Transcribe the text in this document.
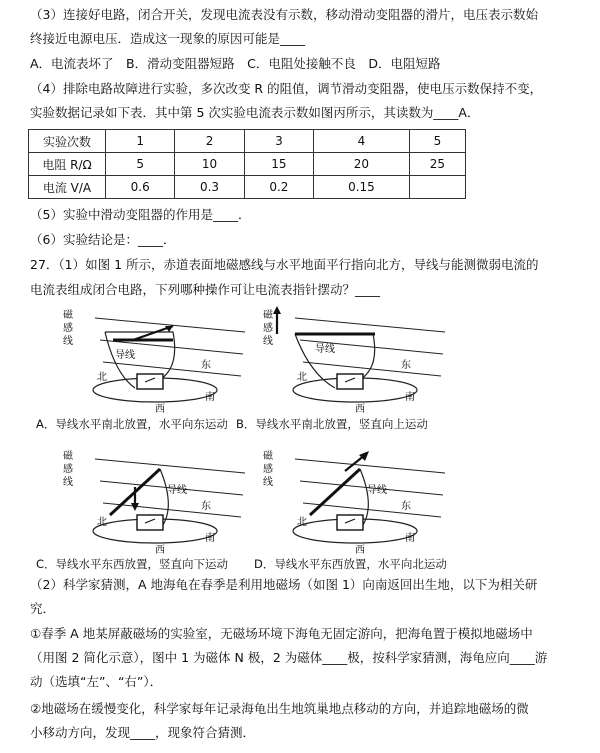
（3）连接好电路，闭合开关，发现电流表没有示数，移动滑动变阻器的滑片，电压表示数始
终接近电源电压．造成这一现象的原因可能是____
A．电流表坏了　B．滑动变阻器短路　C．电阻处接触不良　D．电阻短路
（4）排除电路故障进行实验，多次改变 R 的阻值，调节滑动变阻器，使电压示数保持不变，
实验数据记录如下表．其中第 5 次实验电流表示数如图丙所示，其读数为____A．
实验次数	1	2	3	4	5
电阻 R/Ω	5	10	15	20	25
电流 V/A	0.6	0.3	0.2	0.15	
（5）实验中滑动变阻器的作用是____．
（6）实验结论是：____．
27．（1）如图 1 所示，赤道表面地磁感线与水平地面平行指向北方，导线与能测微弱电流的
电流表组成闭合电路，下列哪种操作可让电流表指针摆动？____
磁
感
线
导线
东
北
南
西
磁
感
线
导线
东
北
南
西
A．导线水平南北放置，水平向东运动 B．导线水平南北放置，竖直向上运动
磁
感
线
导线
东
北
南
西
磁
感
线
导线
东
北
南
西
C．导线水平东西放置，竖直向下运动 D．导线水平东西放置，水平向北运动
（2）科学家猜测，A 地海龟在春季是利用地磁场（如图 1）向南返回出生地，以下为相关研
究．
①春季 A 地某屏蔽磁场的实验室，无磁场环境下海龟无固定游向，把海龟置于模拟地磁场中
（用图 2 简化示意），图中 1 为磁体 N 极，2 为磁体____极，按科学家猜测，海龟应向____游
动（选填“左”、“右”）．
②地磁场在缓慢变化，科学家每年记录海龟出生地筑巢地点移动的方向，并追踪地磁场的微
小移动方向，发现____，现象符合猜测．
